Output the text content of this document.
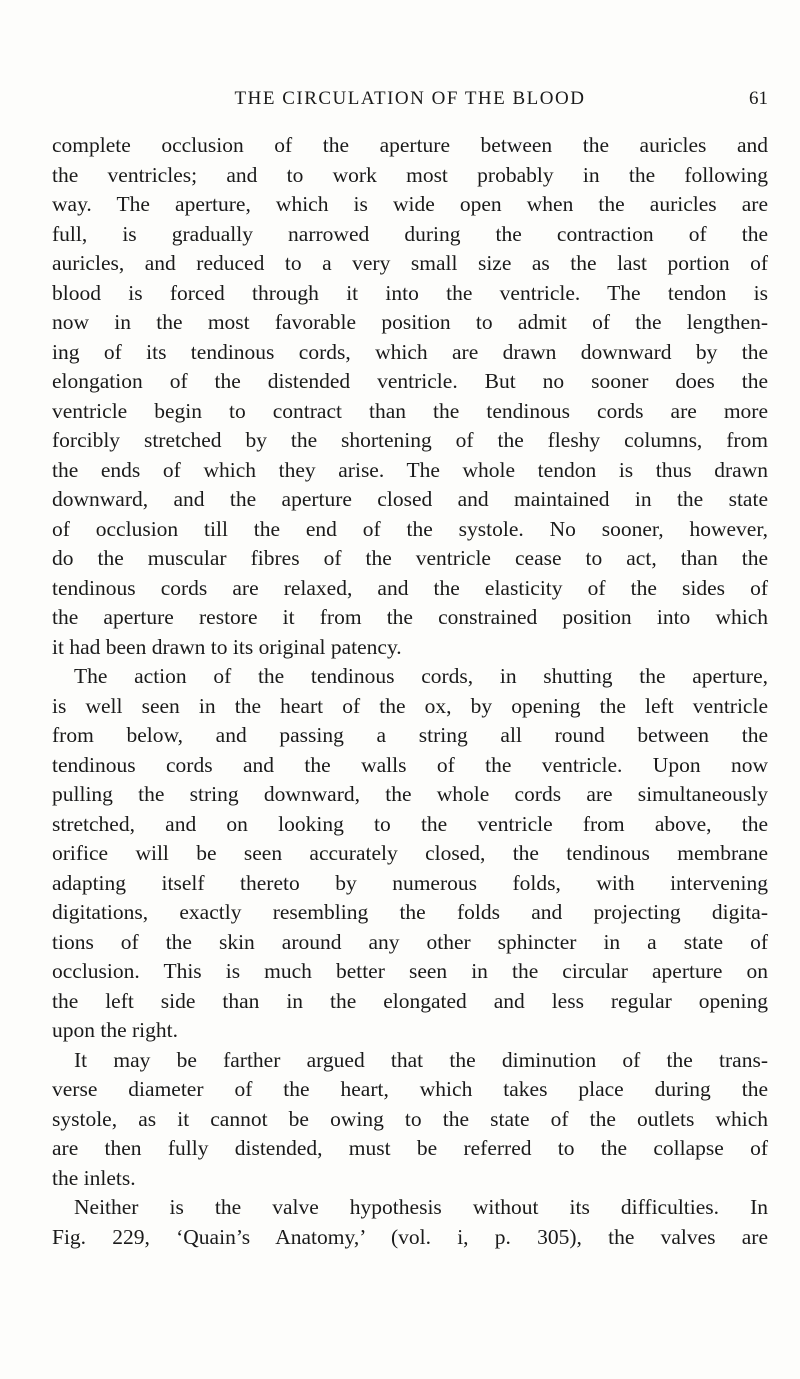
THE CIRCULATION OF THE BLOOD	61
complete occlusion of the aperture between the auricles and
the ventricles; and to work most probably in the following
way. The aperture, which is wide open when the auricles are
full, is gradually narrowed during the contraction of the
auricles, and reduced to a very small size as the last portion of
blood is forced through it into the ventricle. The tendon is
now in the most favorable position to admit of the lengthen-
ing of its tendinous cords, which are drawn downward by the
elongation of the distended ventricle. But no sooner does the
ventricle begin to contract than the tendinous cords are more
forcibly stretched by the shortening of the fleshy columns, from
the ends of which they arise. The whole tendon is thus drawn
downward, and the aperture closed and maintained in the state
of occlusion till the end of the systole. No sooner, however,
do the muscular fibres of the ventricle cease to act, than the
tendinous cords are relaxed, and the elasticity of the sides of
the aperture restore it from the constrained position into which
it had been drawn to its original patency.
The action of the tendinous cords, in shutting the aperture,
is well seen in the heart of the ox, by opening the left ventricle
from below, and passing a string all round between the
tendinous cords and the walls of the ventricle. Upon now
pulling the string downward, the whole cords are simultaneously
stretched, and on looking to the ventricle from above, the
orifice will be seen accurately closed, the tendinous membrane
adapting itself thereto by numerous folds, with intervening
digitations, exactly resembling the folds and projecting digita-
tions of the skin around any other sphincter in a state of
occlusion. This is much better seen in the circular aperture on
the left side than in the elongated and less regular opening
upon the right.
It may be farther argued that the diminution of the trans-
verse diameter of the heart, which takes place during the
systole, as it cannot be owing to the state of the outlets which
are then fully distended, must be referred to the collapse of
the inlets.
Neither is the valve hypothesis without its difficulties. In
Fig. 229, ‘Quain’s Anatomy,’ (vol. i, p. 305), the valves are
